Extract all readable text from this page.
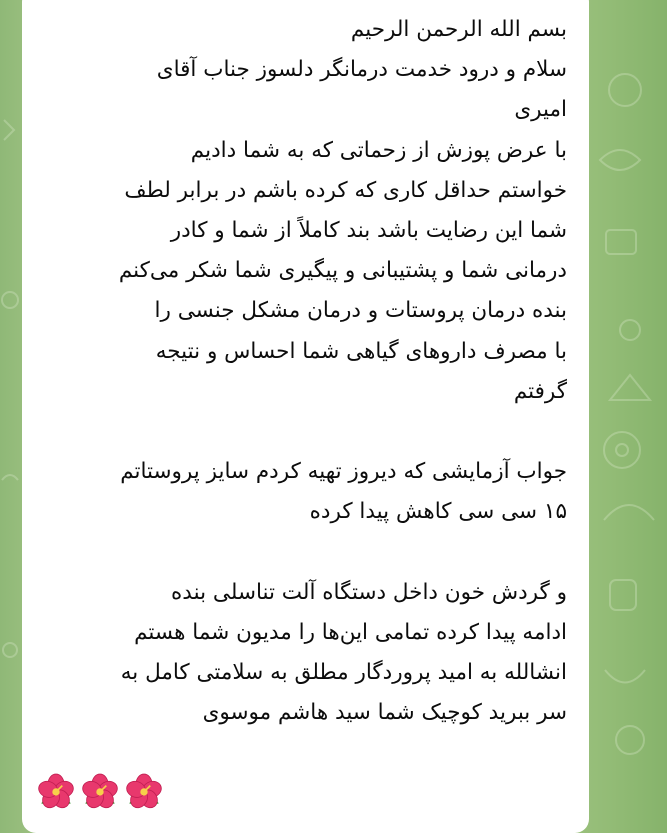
بسم الله الرحمن الرحیم
سلام و درود خدمت درمانگر دلسوز جناب آقای
امیری
با عرض پوزش از زحماتی که به شما دادیم
خواستم حداقل کاری که کرده باشم در برابر لطف
شما این رضایت باشد بند کاملاً از شما و کادر
درمانی شما و پشتیبانی و پیگیری شما شکر می‌کنم
بنده درمان پروستات و درمان مشکل جنسی را
با مصرف داروهای گیاهی شما احساس و نتیجه
گرفتم
جواب آزمایشی که دیروز تهیه کردم سایز پروستاتم
۱۵ سی سی کاهش پیدا کرده
و گردش خون داخل دستگاه آلت تناسلی بنده
ادامه پیدا کرده تمامی این‌ها را مدیون شما هستم
انشالله به امید پروردگار مطلق به سلامتی کامل به
سر ببرید کوچیک شما سید هاشم موسوی
